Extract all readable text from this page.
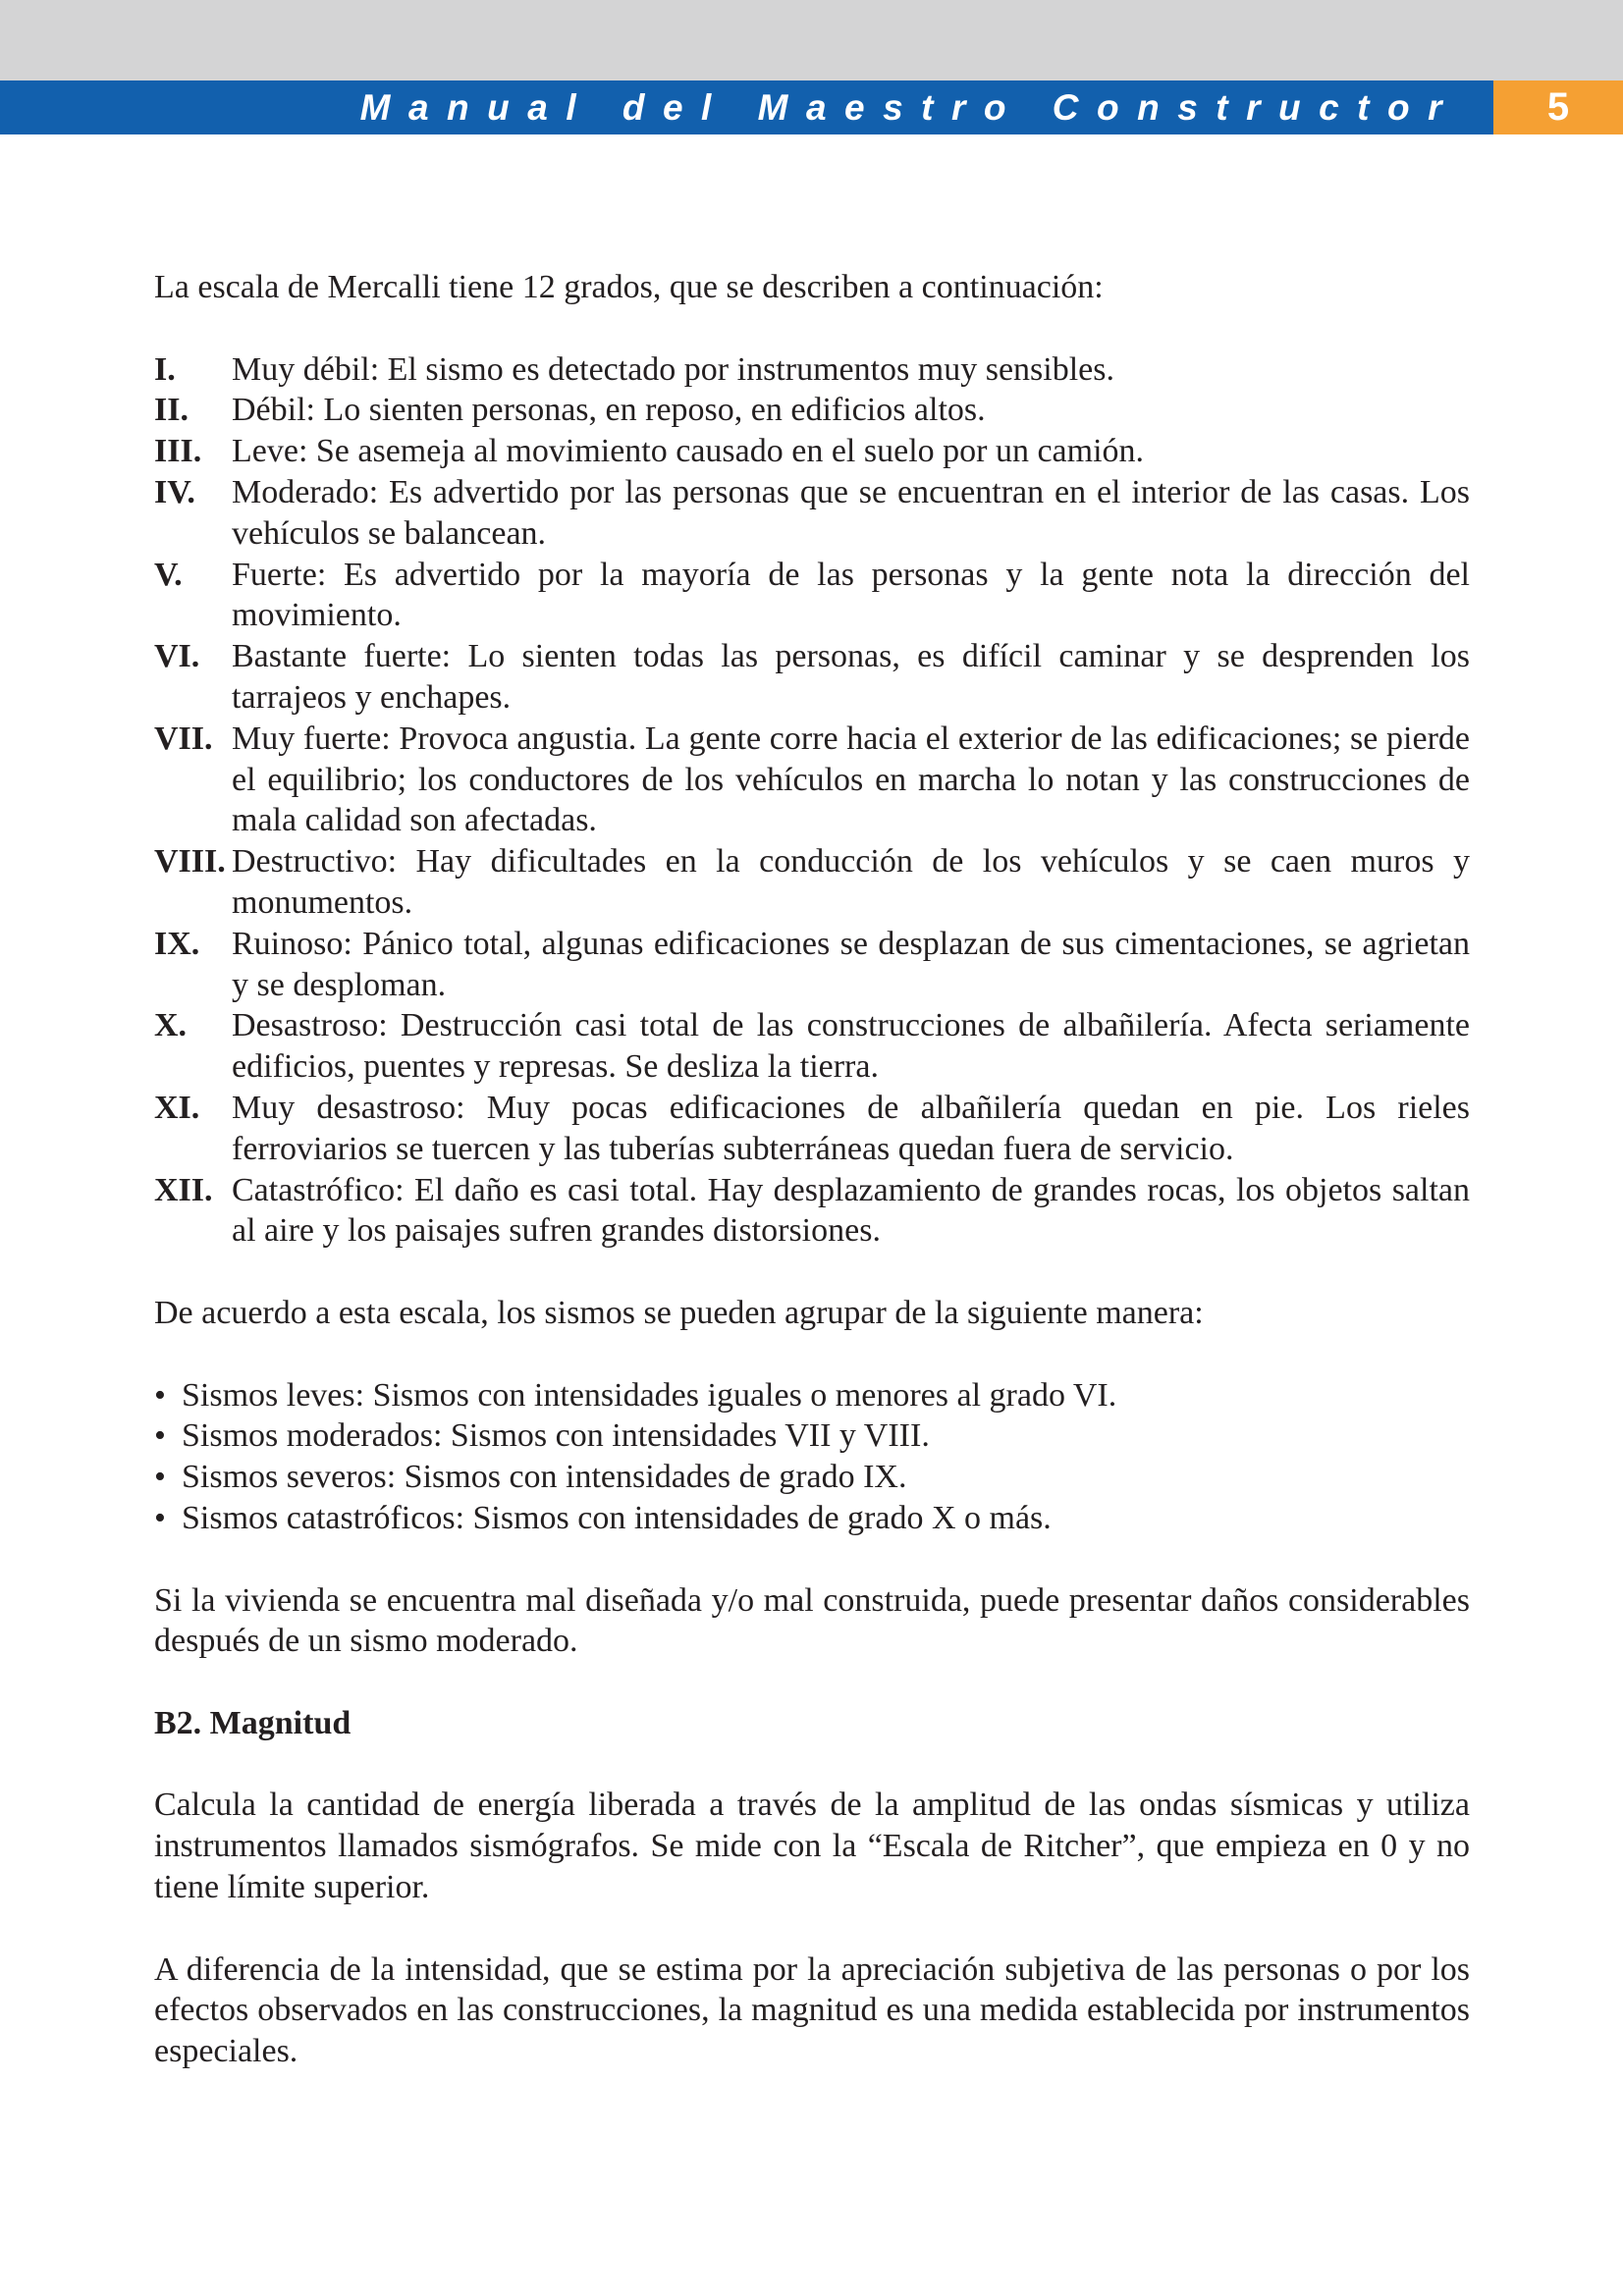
Manual del Maestro Constructor	5

La escala de Mercalli tiene 12 grados, que se describen a continuación:

I. Muy débil: El sismo es detectado por instrumentos muy sensibles.
II. Débil: Lo sienten personas, en reposo, en edificios altos.
III. Leve: Se asemeja al movimiento causado en el suelo por un camión.
IV. Moderado: Es advertido por las personas que se encuentran en el interior de las casas. Los vehículos se balancean.
V. Fuerte: Es advertido por la mayoría de las personas y la gente nota la dirección del movimiento.
VI. Bastante fuerte: Lo sienten todas las personas, es difícil caminar y se desprenden los tarrajeos y enchapes.
VII. Muy fuerte: Provoca angustia. La gente corre hacia el exterior de las edificaciones; se pierde el equilibrio; los conductores de los vehículos en marcha lo notan y las construcciones de mala calidad son afectadas.
VIII. Destructivo: Hay dificultades en la conducción de los vehículos y se caen muros y monumentos.
IX. Ruinoso: Pánico total, algunas edificaciones se desplazan de sus cimentaciones, se agrietan y se desploman.
X. Desastroso: Destrucción casi total de las construcciones de albañilería. Afecta seriamente edificios, puentes y represas. Se desliza la tierra.
XI. Muy desastroso: Muy pocas edificaciones de albañilería quedan en pie. Los rieles ferroviarios se tuercen y las tuberías subterráneas quedan fuera de servicio.
XII. Catastrófico: El daño es casi total. Hay desplazamiento de grandes rocas, los objetos saltan al aire y los paisajes sufren grandes distorsiones.

De acuerdo a esta escala, los sismos se pueden agrupar de la siguiente manera:

• Sismos leves: Sismos con intensidades iguales o menores al grado VI.
• Sismos moderados: Sismos con intensidades VII y VIII.
• Sismos severos: Sismos con intensidades de grado IX.
• Sismos catastróficos: Sismos con intensidades de grado X o más.

Si la vivienda se encuentra mal diseñada y/o mal construida, puede presentar daños considerables después de un sismo moderado.

B2. Magnitud

Calcula la cantidad de energía liberada a través de la amplitud de las ondas sísmicas y utiliza instrumentos llamados sismógrafos. Se mide con la “Escala de Ritcher”, que empieza en 0 y no tiene límite superior.

A diferencia de la intensidad, que se estima por la apreciación subjetiva de las personas o por los efectos observados en las construcciones, la magnitud es una medida establecida por instrumentos especiales.
